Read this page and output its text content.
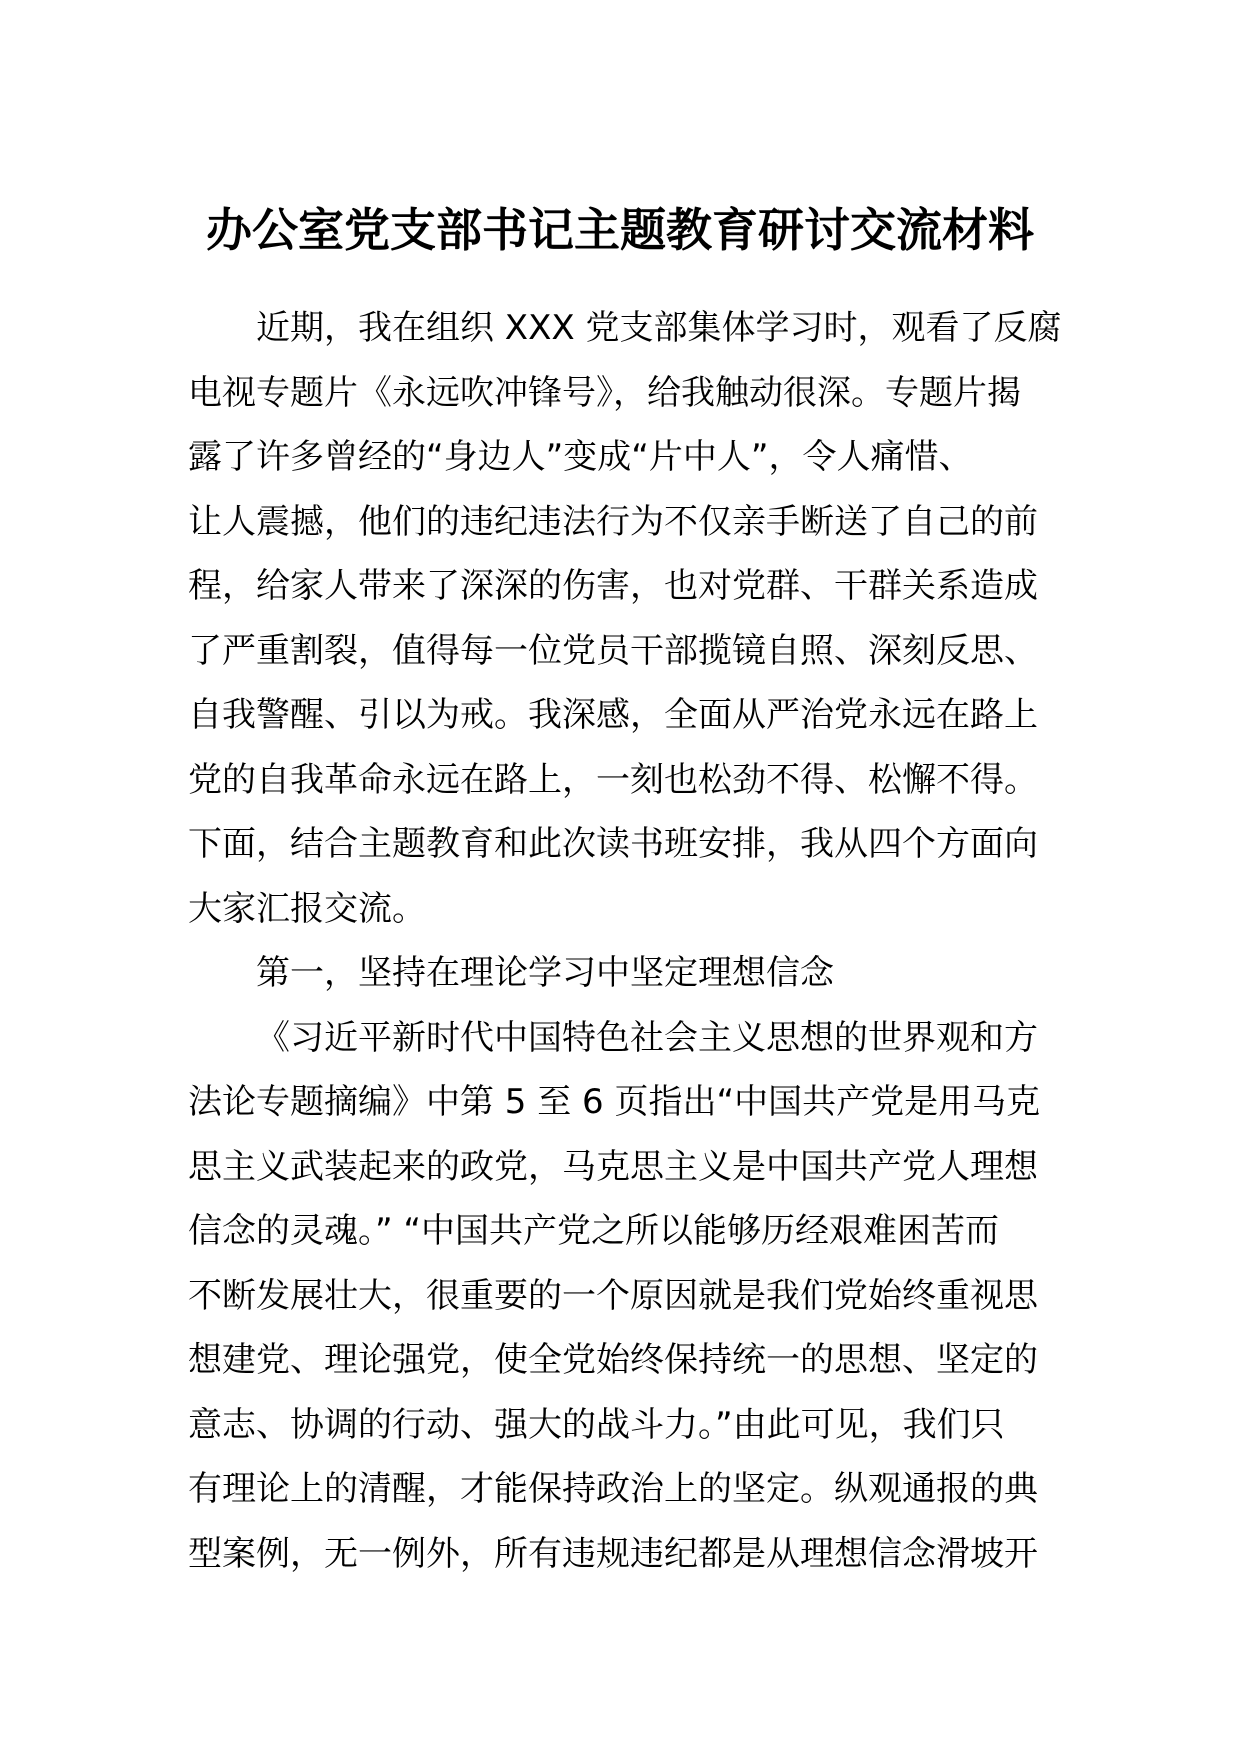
办公室党支部书记主题教育研讨交流材料
近期，我在组织 XXX 党支部集体学习时，观看了反腐
电视专题片《永远吹冲锋号》，给我触动很深。专题片揭
露了许多曾经的“身边人”变成“片中人”，令人痛惜、
让人震撼，他们的违纪违法行为不仅亲手断送了自己的前
程，给家人带来了深深的伤害，也对党群、干群关系造成
了严重割裂，值得每一位党员干部揽镜自照、深刻反思、
自我警醒、引以为戒。我深感，全面从严治党永远在路上
党的自我革命永远在路上，一刻也松劲不得、松懈不得。
下面，结合主题教育和此次读书班安排，我从四个方面向
大家汇报交流。
第一，坚持在理论学习中坚定理想信念
《习近平新时代中国特色社会主义思想的世界观和方
法论专题摘编》中第 5 至 6 页指出“中国共产党是用马克
思主义武装起来的政党，马克思主义是中国共产党人理想
信念的灵魂。” “中国共产党之所以能够历经艰难困苦而
不断发展壮大，很重要的一个原因就是我们党始终重视思
想建党、理论强党，使全党始终保持统一的思想、坚定的
意志、协调的行动、强大的战斗力。”由此可见，我们只
有理论上的清醒，才能保持政治上的坚定。纵观通报的典
型案例，无一例外，所有违规违纪都是从理想信念滑坡开
